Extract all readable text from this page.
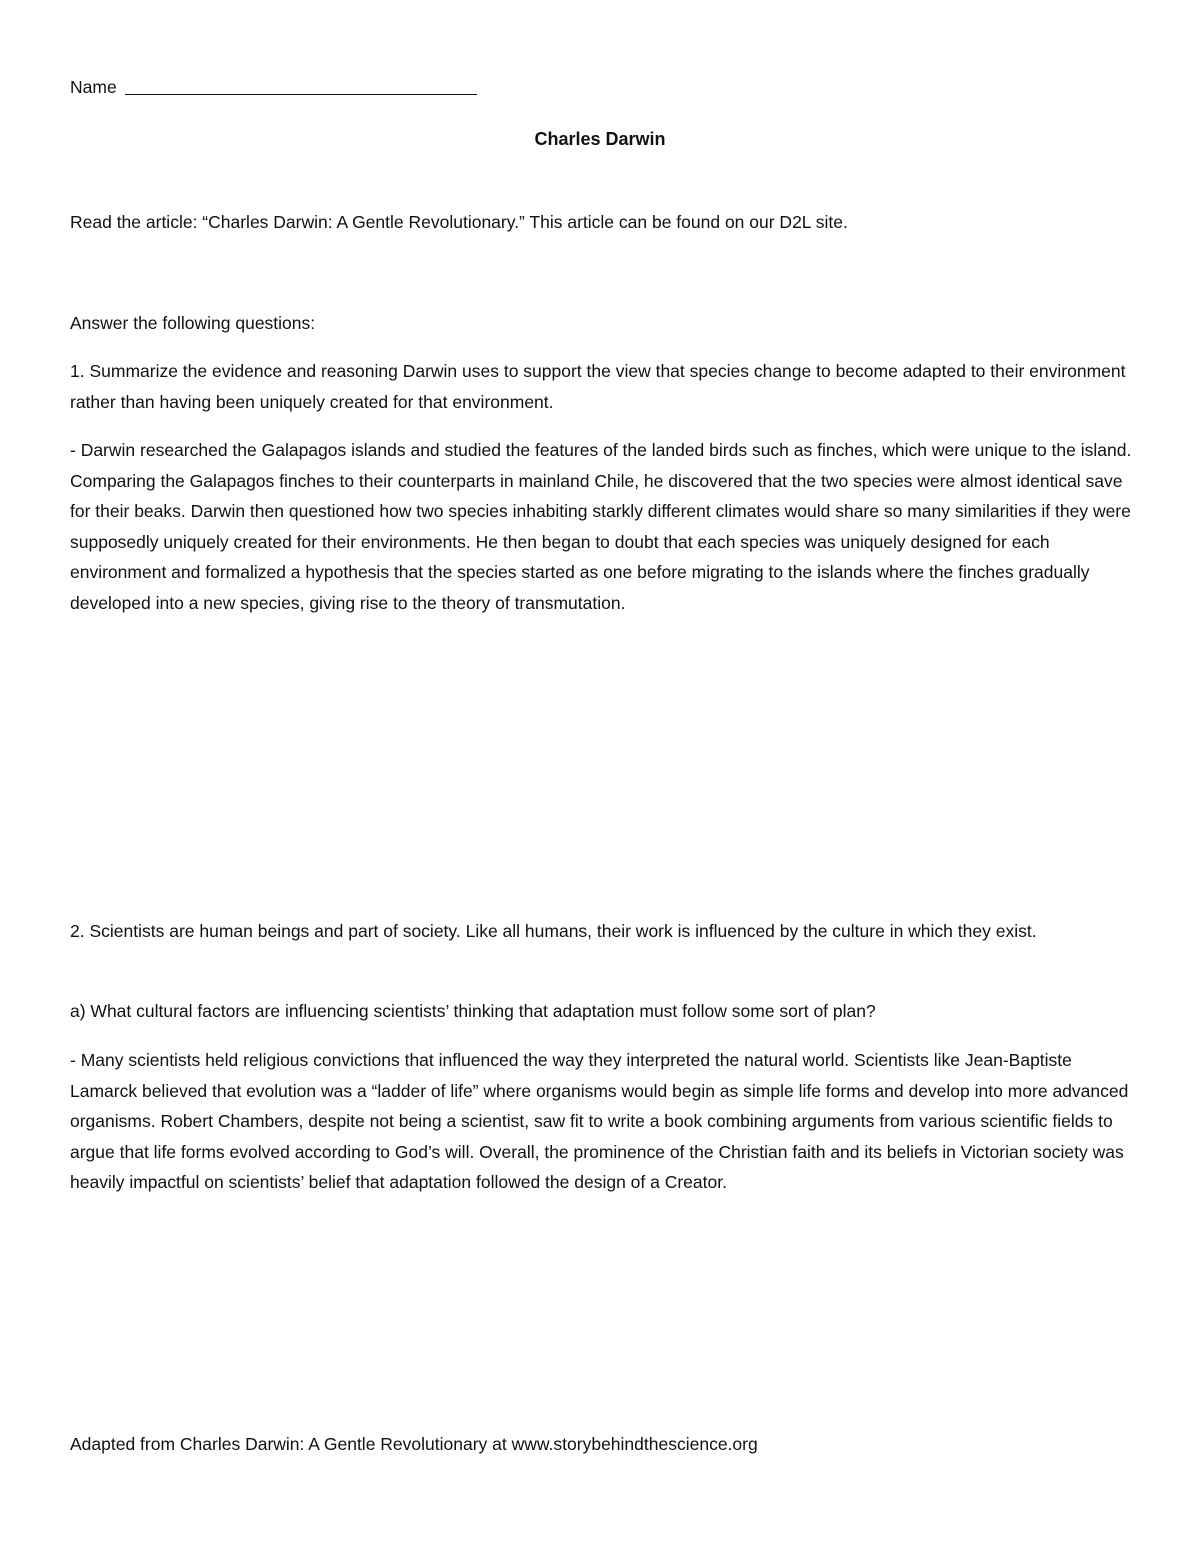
Name
Charles Darwin
Read the article: “Charles Darwin: A Gentle Revolutionary.” This article can be found on our D2L site.
Answer the following questions:
1. Summarize the evidence and reasoning Darwin uses to support the view that species change to become adapted to their environment rather than having been uniquely created for that environment.
- Darwin researched the Galapagos islands and studied the features of the landed birds such as finches, which were unique to the island. Comparing the Galapagos finches to their counterparts in mainland Chile, he discovered that the two species were almost identical save for their beaks. Darwin then questioned how two species inhabiting starkly different climates would share so many similarities if they were supposedly uniquely created for their environments. He then began to doubt that each species was uniquely designed for each environment and formalized a hypothesis that the species started as one before migrating to the islands where the finches gradually developed into a new species, giving rise to the theory of transmutation.
2. Scientists are human beings and part of society. Like all humans, their work is influenced by the culture in which they exist.
a) What cultural factors are influencing scientists’ thinking that adaptation must follow some sort of plan?
- Many scientists held religious convictions that influenced the way they interpreted the natural world. Scientists like Jean-Baptiste Lamarck believed that evolution was a “ladder of life” where organisms would begin as simple life forms and develop into more advanced organisms. Robert Chambers, despite not being a scientist, saw fit to write a book combining arguments from various scientific fields to argue that life forms evolved according to God’s will. Overall, the prominence of the Christian faith and its beliefs in Victorian society was heavily impactful on scientists’ belief that adaptation followed the design of a Creator.
Adapted from Charles Darwin: A Gentle Revolutionary at www.storybehindthescience.org
